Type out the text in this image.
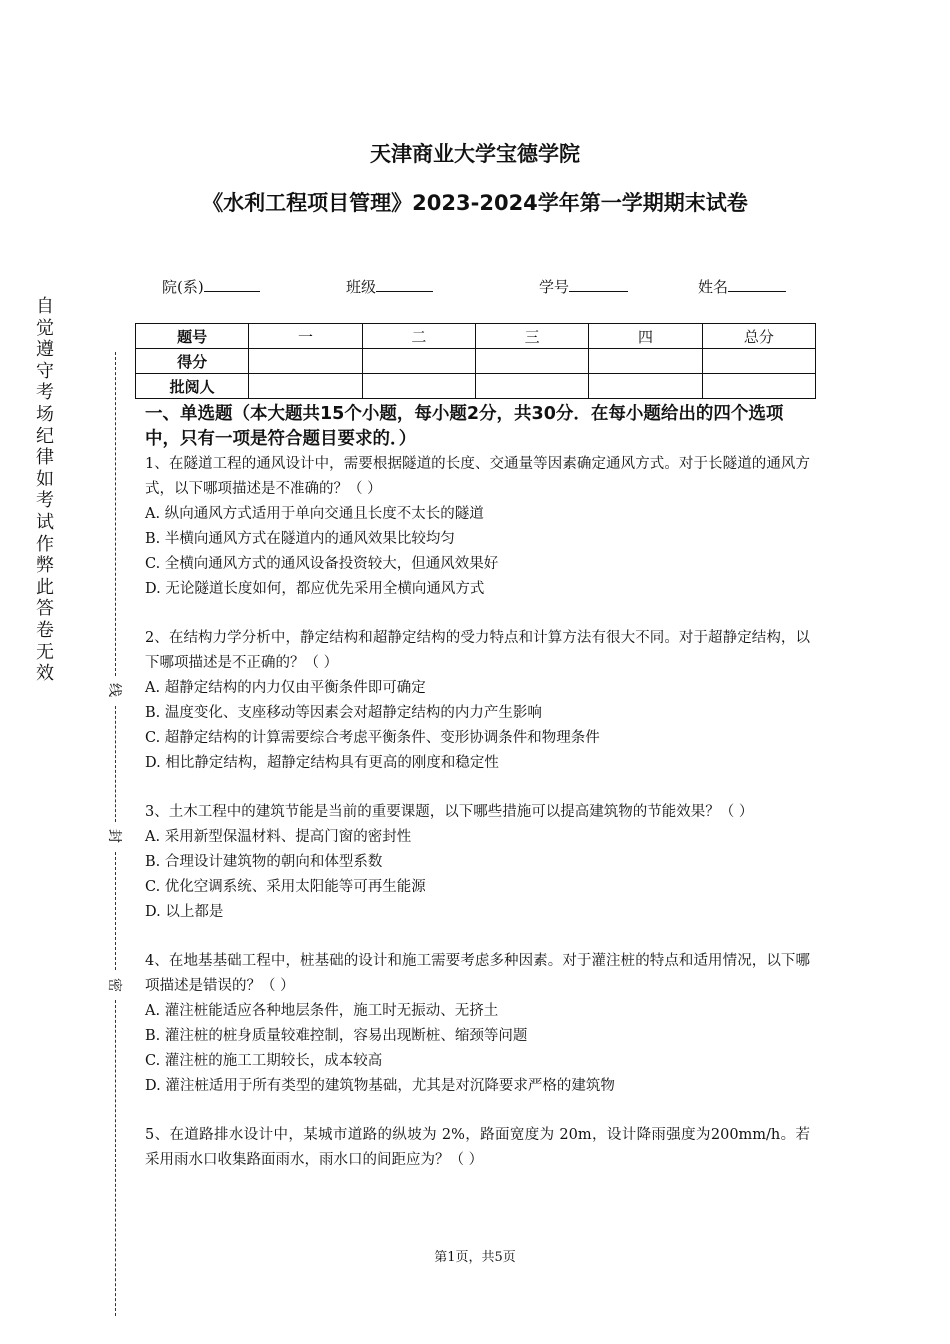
自
觉
遵
守
考
场
纪
律
如
考
试
作
弊
此
答
卷
无
效
线
封
密
天津商业大学宝德学院
《水利工程项目管理》2023-2024学年第一学期期末试卷
院(系)	班级	学号	姓名
题号	一	二	三	四	总分
得分					
批阅人					

一、单选题（本大题共15个小题，每小题2分，共30分．在每小题给出的四个选项中，只有一项是符合题目要求的．）

1、在隧道工程的通风设计中，需要根据隧道的长度、交通量等因素确定通风方式。对于长隧道的通风方式，以下哪项描述是不准确的？（ ）

A. 纵向通风方式适用于单向交通且长度不太长的隧道

B. 半横向通风方式在隧道内的通风效果比较均匀

C. 全横向通风方式的通风设备投资较大，但通风效果好

D. 无论隧道长度如何，都应优先采用全横向通风方式

2、在结构力学分析中，静定结构和超静定结构的受力特点和计算方法有很大不同。对于超静定结构，以下哪项描述是不正确的？（ ）

A. 超静定结构的内力仅由平衡条件即可确定

B. 温度变化、支座移动等因素会对超静定结构的内力产生影响

C. 超静定结构的计算需要综合考虑平衡条件、变形协调条件和物理条件

D. 相比静定结构，超静定结构具有更高的刚度和稳定性

3、土木工程中的建筑节能是当前的重要课题，以下哪些措施可以提高建筑物的节能效果？（ ）

A. 采用新型保温材料、提高门窗的密封性

B. 合理设计建筑物的朝向和体型系数

C. 优化空调系统、采用太阳能等可再生能源

D. 以上都是

4、在地基基础工程中，桩基础的设计和施工需要考虑多种因素。对于灌注桩的特点和适用情况，以下哪项描述是错误的？（ ）

A. 灌注桩能适应各种地层条件，施工时无振动、无挤土

B. 灌注桩的桩身质量较难控制，容易出现断桩、缩颈等问题

C. 灌注桩的施工工期较长，成本较高

D. 灌注桩适用于所有类型的建筑物基础，尤其是对沉降要求严格的建筑物

5、在道路排水设计中，某城市道路的纵坡为 2%，路面宽度为 20m，设计降雨强度为200mm/h。若采用雨水口收集路面雨水，雨水口的间距应为？（ ）

第1页，共5页
